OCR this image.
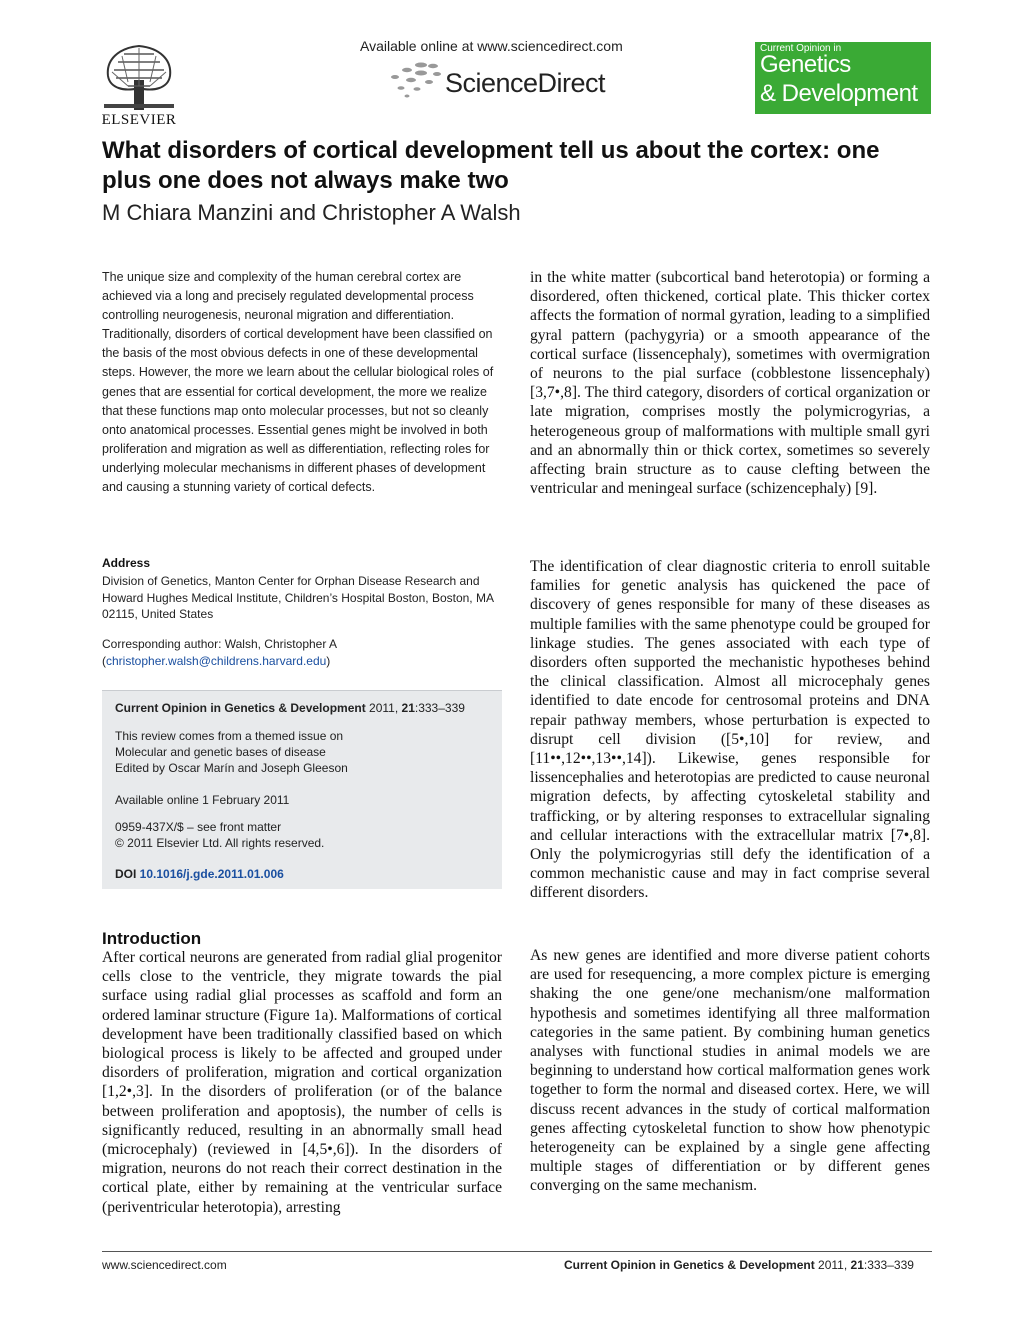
ELSEVIER
Available online at www.sciencedirect.com
ScienceDirect
Current Opinion in
Genetics
& Development
What disorders of cortical development tell us about the cortex: one plus one does not always make two
M Chiara Manzini and Christopher A Walsh

The unique size and complexity of the human cerebral cortex are achieved via a long and precisely regulated developmental process controlling neurogenesis, neuronal migration and differentiation. Traditionally, disorders of cortical development have been classified on the basis of the most obvious defects in one of these developmental steps. However, the more we learn about the cellular biological roles of genes that are essential for cortical development, the more we realize that these functions map onto molecular processes, but not so cleanly onto anatomical processes. Essential genes might be involved in both proliferation and migration as well as differentiation, reflecting roles for underlying molecular mechanisms in different phases of development and causing a stunning variety of cortical defects.

Address
Division of Genetics, Manton Center for Orphan Disease Research and Howard Hughes Medical Institute, Children’s Hospital Boston, Boston, MA 02115, United States
Corresponding author: Walsh, Christopher A
(christopher.walsh@childrens.harvard.edu)
Current Opinion in Genetics & Development 2011, 21:333–339
This review comes from a themed issue on
Molecular and genetic bases of disease
Edited by Oscar Marín and Joseph Gleeson
Available online 1 February 2011
0959-437X/$ – see front matter
© 2011 Elsevier Ltd. All rights reserved.
DOI 10.1016/j.gde.2011.01.006
Introduction

After cortical neurons are generated from radial glial progenitor cells close to the ventricle, they migrate towards the pial surface using radial glial processes as scaffold and form an ordered laminar structure (Figure 1a). Malformations of cortical development have been traditionally classified based on which biological process is likely to be affected and grouped under disorders of proliferation, migration and cortical organization [1,2•,3]. In the disorders of proliferation (or of the balance between proliferation and apoptosis), the number of cells is significantly reduced, resulting in an abnormally small head (microcephaly) (reviewed in [4,5•,6]). In the disorders of migration, neurons do not reach their correct destination in the cortical plate, either by remaining at the ventricular surface (periventricular heterotopia), arresting

in the white matter (subcortical band heterotopia) or forming a disordered, often thickened, cortical plate. This thicker cortex affects the formation of normal gyration, leading to a simplified gyral pattern (pachygyria) or a smooth appearance of the cortical surface (lissencephaly), sometimes with overmigration of neurons to the pial surface (cobblestone lissencephaly) [3,7•,8]. The third category, disorders of cortical organization or late migration, comprises mostly the polymicrogyrias, a heterogeneous group of malformations with multiple small gyri and an abnormally thin or thick cortex, sometimes so severely affecting brain structure as to cause clefting between the ventricular and meningeal surface (schizencephaly) [9].

The identification of clear diagnostic criteria to enroll suitable families for genetic analysis has quickened the pace of discovery of genes responsible for many of these diseases as multiple families with the same phenotype could be grouped for linkage studies. The genes associated with each type of disorders often supported the mechanistic hypotheses behind the clinical classification. Almost all microcephaly genes identified to date encode for centrosomal proteins and DNA repair pathway members, whose perturbation is expected to disrupt cell division ([5•,10] for review, and [11••,12••,13••,14]). Likewise, genes responsible for lissencephalies and heterotopias are predicted to cause neuronal migration defects, by affecting cytoskeletal stability and trafficking, or by altering responses to extracellular signaling and cellular interactions with the extracellular matrix [7•,8]. Only the polymicrogyrias still defy the identification of a common mechanistic cause and may in fact comprise several different disorders.

As new genes are identified and more diverse patient cohorts are used for resequencing, a more complex picture is emerging shaking the one gene/one mechanism/one malformation hypothesis and sometimes identifying all three malformation categories in the same patient. By combining human genetics analyses with functional studies in animal models we are beginning to understand how cortical malformation genes work together to form the normal and diseased cortex. Here, we will discuss recent advances in the study of cortical malformation genes affecting cytoskeletal function to show how phenotypic heterogeneity can be explained by a single gene affecting multiple stages of differentiation or by different genes converging on the same mechanism.

www.sciencedirect.com	Current Opinion in Genetics & Development 2011, 21:333–339
